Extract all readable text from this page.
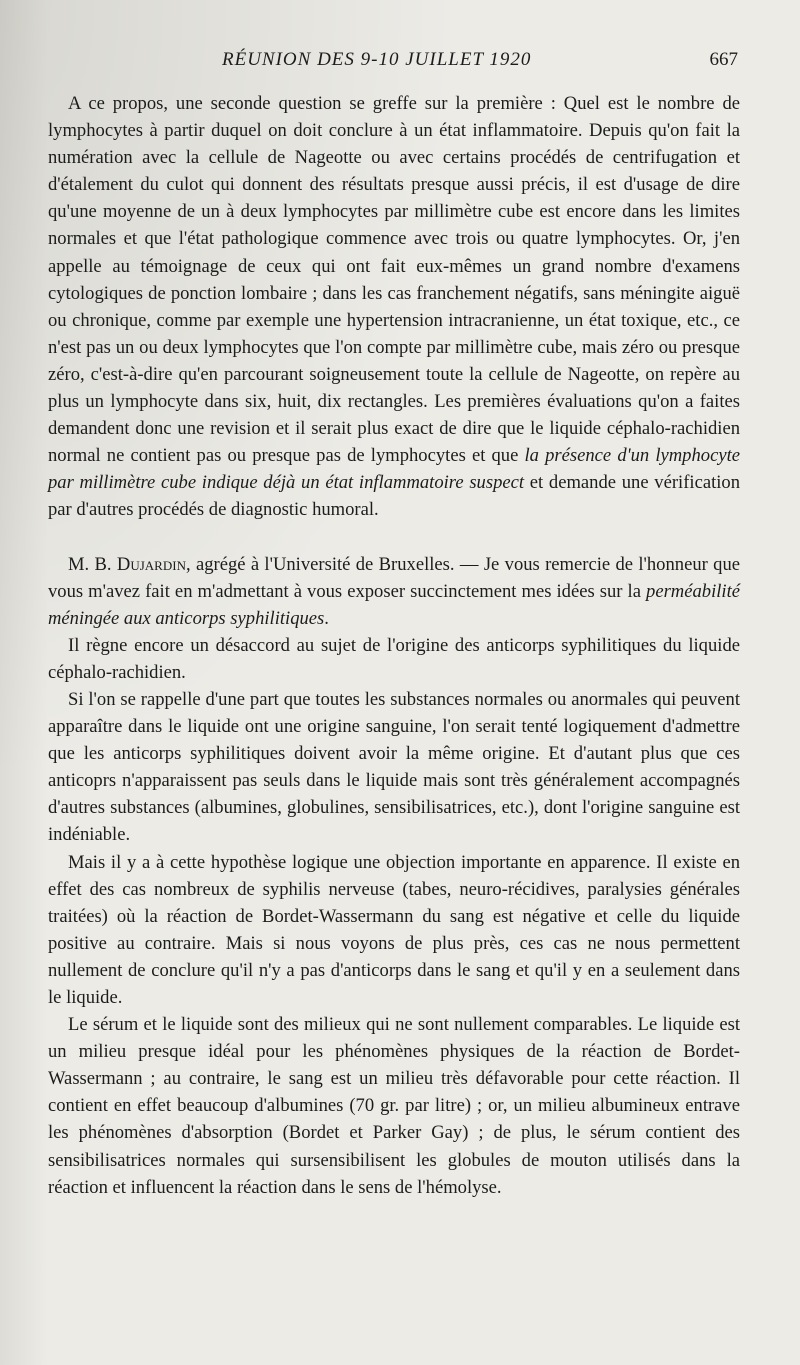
RÉUNION DES 9-10 JUILLET 1920	667

A ce propos, une seconde question se greffe sur la première : Quel est le nombre de lymphocytes à partir duquel on doit conclure à un état inflammatoire. Depuis qu'on fait la numération avec la cellule de Nageotte ou avec certains procédés de centrifugation et d'étalement du culot qui donnent des résultats presque aussi précis, il est d'usage de dire qu'une moyenne de un à deux lymphocytes par millimètre cube est encore dans les limites normales et que l'état pathologique commence avec trois ou quatre lymphocytes. Or, j'en appelle au témoignage de ceux qui ont fait eux-mêmes un grand nombre d'examens cytologiques de ponction lombaire ; dans les cas franchement négatifs, sans méningite aiguë ou chronique, comme par exemple une hypertension intracranienne, un état toxique, etc., ce n'est pas un ou deux lymphocytes que l'on compte par millimètre cube, mais zéro ou presque zéro, c'est-à-dire qu'en parcourant soigneusement toute la cellule de Nageotte, on repère au plus un lymphocyte dans six, huit, dix rectangles. Les premières évaluations qu'on a faites demandent donc une revision et il serait plus exact de dire que le liquide céphalo-rachidien normal ne contient pas ou presque pas de lymphocytes et que la présence d'un lymphocyte par millimètre cube indique déjà un état inflammatoire suspect et demande une vérification par d'autres procédés de diagnostic humoral.

M. B. Dujardin, agrégé à l'Université de Bruxelles. — Je vous remercie de l'honneur que vous m'avez fait en m'admettant à vous exposer succinctement mes idées sur la perméabilité méningée aux anticorps syphilitiques.

Il règne encore un désaccord au sujet de l'origine des anticorps syphilitiques du liquide céphalo-rachidien.

Si l'on se rappelle d'une part que toutes les substances normales ou anormales qui peuvent apparaître dans le liquide ont une origine sanguine, l'on serait tenté logiquement d'admettre que les anticorps syphilitiques doivent avoir la même origine. Et d'autant plus que ces anticoprs n'apparaissent pas seuls dans le liquide mais sont très généralement accompagnés d'autres substances (albumines, globulines, sensibilisatrices, etc.), dont l'origine sanguine est indéniable.

Mais il y a à cette hypothèse logique une objection importante en apparence. Il existe en effet des cas nombreux de syphilis nerveuse (tabes, neuro-récidives, paralysies générales traitées) où la réaction de Bordet-Wassermann du sang est négative et celle du liquide positive au contraire. Mais si nous voyons de plus près, ces cas ne nous permettent nullement de conclure qu'il n'y a pas d'anticorps dans le sang et qu'il y en a seulement dans le liquide.

Le sérum et le liquide sont des milieux qui ne sont nullement comparables. Le liquide est un milieu presque idéal pour les phénomènes physiques de la réaction de Bordet-Wassermann ; au contraire, le sang est un milieu très défavorable pour cette réaction. Il contient en effet beaucoup d'albumines (70 gr. par litre) ; or, un milieu albumineux entrave les phénomènes d'absorption (Bordet et Parker Gay) ; de plus, le sérum contient des sensibilisatrices normales qui sursensibilisent les globules de mouton utilisés dans la réaction et influencent la réaction dans le sens de l'hémolyse.
